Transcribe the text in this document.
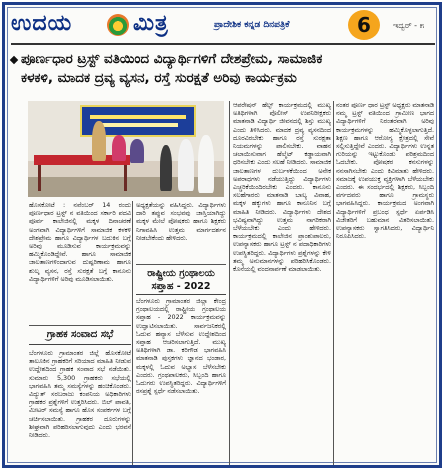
ಉದಯ	ಮಿತ್ರ	ಪ್ರಾದೇಶಿಕ ಕನ್ನಡ ದಿನಪತ್ರಿಕೆ	6	ಇದ್ವರ್ - ೫
ಪೂರ್ಣಧಾರ ಟ್ರಸ್ಟ್ ವತಿಯಿಂದ ವಿದ್ಯಾರ್ಥಿಗಳಿಗೆ ದೇಶಪ್ರೇಮ, ಸಾಮಾಜಿಕ
ಕಳಕಳಿ, ಮಾದಕ ದ್ರವ್ಯ ವ್ಯಸನ, ರಸ್ತೆ ಸುರಕ್ಷತೆ ಅರಿವು ಕಾರ್ಯಕ್ರಮ

ಹೊಸಕೋಟೆ : ನವೆಂಬರ್ 14 ರಂದು ಪೂರ್ಣಧಾರ ಟ್ರಸ್ಟ್ ನ ವತಿಯಿಂದ ಸರ್ಕಾರಿ ಪದವಿ ಪೂರ್ವ ಕಾಲೇಜಿನಲ್ಲಿ ಮಕ್ಕಳ ದಿನಾಚರಣೆ ಅಂಗವಾಗಿ ವಿದ್ಯಾರ್ಥಿಗಳಿಗೆ ಸಾಮಾಜಿಕ ಕಳಕಳಿ ದೇಶಪ್ರೇಮ ಹಾಗೂ ವಿದ್ಯಾರ್ಥಿಗಳ ಬದುಕಿನ ಬಗ್ಗೆ ಅರಿವು ಮೂಡಿಸುವ ಕಾರ್ಯಕ್ರಮವನ್ನು ಹಮ್ಮಿಕೊಂಡಿದ್ದೇವೆ. ಹಾಗೂ ಸಾಮಾಜಿಕ ಜಾಲತಾಣಗಳಿಂದಾಗುವ ದುಷ್ಪರಿಣಾಮ ಹಾಗೂ ಶುಲ್ಕ ವ್ಯಸನ, ರಸ್ತೆ ಸುರಕ್ಷತೆ ಬಗ್ಗೆ ಕಾನೂನು ವಿದ್ಯಾರ್ಥಿಗಳಿಗೆ ಅರಿವು ಮೂಡಿಸಲಾಯಿತು.

ಅಧ್ಯಕ್ಷತೆಯನ್ನು ವಹಿಸಿದ್ದರು. ವಿದ್ಯಾರ್ಥಿಗಳು ದಾರಿ ತಪ್ಪುವ ಸಂಭವವು ಜಾಸ್ತಿಯಾಗಿದ್ದು ಮಕ್ಕಳ ಮೇಲೆ ಪೋಷಕರು ಹಾಗೂ ಶಿಕ್ಷಕರು ನಿಗಾವಹಿಸಿ ಉತ್ತಮ ಮಾರ್ಗದರ್ಶನ ನೀಡಬೇಕೆಂದು ಹೇಳಿದರು.

ಆಪರೇಷನ್ ಹೆಲ್ಪ್ ಕಾರ್ಯಕ್ರಮದಲ್ಲಿ ಮುಖ್ಯ ಅತಿಥಿಗಳಾಗಿ ಪೊಲೀಸ್ ಉಪನಿರೀಕ್ಷಕರು ಮಾತನಾಡಿ ವಿದ್ಯಾರ್ಥಿ ಜೀವನದಲ್ಲಿ ಶಿಸ್ತು ಮುಖ್ಯ ಎಂದು ತಿಳಿಸಿದರು. ಮಾದಕ ದ್ರವ್ಯ ವ್ಯಸನದಿಂದ ದೂರವಿರಬೇಕು ಹಾಗೂ ರಸ್ತೆ ಸುರಕ್ಷತಾ ನಿಯಮಗಳನ್ನು ಪಾಲಿಸಬೇಕು. ವಾಹನ ಚಲಾಯಿಸುವಾಗ ಹೆಲ್ಮೆಟ್ ಕಡ್ಡಾಯವಾಗಿ ಧರಿಸಬೇಕು ಎಂದು ಸಲಹೆ ನೀಡಿದರು. ಸಾಮಾಜಿಕ ಜಾಲತಾಣಗಳ ದುರ್ಬಳಕೆಯಿಂದ ಅನೇಕ ಅಪರಾಧಗಳು ನಡೆಯುತ್ತಿದ್ದು ವಿದ್ಯಾರ್ಥಿಗಳು ಎಚ್ಚರಿಕೆಯಿಂದಿರಬೇಕು ಎಂದರು. ಕಾನೂನು ಸಲಹೆಗಾರರು ಮಾತನಾಡಿ ಬಾಲ್ಯ ವಿವಾಹ, ಮಕ್ಕಳ ಹಕ್ಕುಗಳು ಹಾಗೂ ಕಾನೂನಿನ ಬಗ್ಗೆ ಮಾಹಿತಿ ನೀಡಿದರು. ವಿದ್ಯಾರ್ಥಿಗಳು ದೇಶದ ಭವಿಷ್ಯವಾಗಿದ್ದು ಉತ್ತಮ ನಾಗರಿಕರಾಗಿ ಬೆಳೆಯಬೇಕು ಎಂದು ಹೇಳಿದರು. ಕಾರ್ಯಕ್ರಮದಲ್ಲಿ ಕಾಲೇಜಿನ ಪ್ರಾಂಶುಪಾಲರು, ಉಪನ್ಯಾಸಕರು ಹಾಗೂ ಟ್ರಸ್ಟ್ ನ ಪದಾಧಿಕಾರಿಗಳು ಉಪಸ್ಥಿತರಿದ್ದರು. ವಿದ್ಯಾರ್ಥಿಗಳು ಪ್ರಶ್ನೆಗಳನ್ನು ಕೇಳಿ ತಮ್ಮ ಅನುಮಾನಗಳನ್ನು ಪರಿಹರಿಸಿಕೊಂಡರು. ಕೊನೆಯಲ್ಲಿ ವಂದನಾರ್ಪಣೆ ಮಾಡಲಾಯಿತು.

ನಂತರ ಪೂರ್ಣ ಧಾರ ಟ್ರಸ್ಟ್ ಅಧ್ಯಕ್ಷರು ಮಾತನಾಡಿ ನಮ್ಮ ಟ್ರಸ್ಟ್ ವತಿಯಿಂದ ಗ್ರಾಮೀಣ ಭಾಗದ ವಿದ್ಯಾರ್ಥಿಗಳಿಗೆ ನಿರಂತರವಾಗಿ ಅರಿವು ಕಾರ್ಯಕ್ರಮಗಳನ್ನು ಹಮ್ಮಿಕೊಳ್ಳಲಾಗುತ್ತಿದೆ. ಶಿಕ್ಷಣ ಹಾಗೂ ಆರೋಗ್ಯ ಕ್ಷೇತ್ರದಲ್ಲಿ ಸೇವೆ ಸಲ್ಲಿಸುತ್ತಿದ್ದೇವೆ ಎಂದರು. ವಿದ್ಯಾರ್ಥಿಗಳು ಉನ್ನತ ಗುರಿಯನ್ನು ಇಟ್ಟುಕೊಂಡು ಪರಿಶ್ರಮದಿಂದ ಓದಬೇಕು. ಪೋಷಕರ ಕನಸುಗಳನ್ನು ನನಸಾಗಿಸಬೇಕು ಎಂದು ಕಿವಿಮಾತು ಹೇಳಿದರು. ಸಮಾಜಕ್ಕೆ ಉಪಯುಕ್ತ ವ್ಯಕ್ತಿಗಳಾಗಿ ಬೆಳೆಯಬೇಕು ಎಂದರು. ಈ ಸಂದರ್ಭದಲ್ಲಿ ಶಿಕ್ಷಕರು, ಸಿಬ್ಬಂದಿ ವರ್ಗದವರು ಹಾಗೂ ಗ್ರಾಮಸ್ಥರು ಭಾಗವಹಿಸಿದ್ದರು. ಕಾರ್ಯಕ್ರಮದ ಅಂಗವಾಗಿ ವಿದ್ಯಾರ್ಥಿಗಳಿಗೆ ಪ್ರಬಂಧ ಸ್ಪರ್ಧೆ ಏರ್ಪಡಿಸಿ ವಿಜೇತರಿಗೆ ಬಹುಮಾನ ವಿತರಿಸಲಾಯಿತು. ಉಪನ್ಯಾಸಕರು ಸ್ವಾಗತಿಸಿದರು, ವಿದ್ಯಾರ್ಥಿನಿ ನಿರೂಪಿಸಿದರು.

ಗ್ರಾಹಕ ಸಂವಾದ ಸಭೆ

ಬೆಂಗಳೂರು ಗ್ರಾಮಾಂತರ ಜಿಲ್ಲೆ ಹೊಸಕೋಟೆ ತಾಲೂಕಿನ ಗ್ರಾಹಕರಿಗೆ ಸರಿಯಾದ ಮಾಹಿತಿ ನೀಡುವ ಉದ್ದೇಶದಿಂದ ಗ್ರಾಹಕ ಸಂವಾದ ಸಭೆ ನಡೆಯಿತು. ಸುಮಾರು 5,300 ಗ್ರಾಹಕರು ಸಭೆಯಲ್ಲಿ ಭಾಗವಹಿಸಿ ತಮ್ಮ ಸಮಸ್ಯೆಗಳನ್ನು ಹಂಚಿಕೊಂಡರು. ವಿದ್ಯುತ್ ಸರಬರಾಜು ಕಂಪನಿಯ ಅಧಿಕಾರಿಗಳು ಗ್ರಾಹಕರ ಪ್ರಶ್ನೆಗಳಿಗೆ ಉತ್ತರಿಸಿದರು. ಬಿಲ್ ಪಾವತಿ, ಮೀಟರ್ ಸಮಸ್ಯೆ ಹಾಗೂ ಹೊಸ ಸಂಪರ್ಕಗಳ ಬಗ್ಗೆ ಚರ್ಚಿಸಲಾಯಿತು. ಗ್ರಾಹಕರ ದೂರುಗಳನ್ನು ಶೀಘ್ರವಾಗಿ ಪರಿಹರಿಸಲಾಗುವುದು ಎಂದು ಭರವಸೆ ನೀಡಿದರು.

ರಾಷ್ಟ್ರೀಯ ಗ್ರಂಥಾಲಯ
ಸಪ್ತಾಹ - 2022

ಬೆಂಗಳೂರು ಗ್ರಾಮಾಂತರ ಜಿಲ್ಲಾ ಕೇಂದ್ರ ಗ್ರಂಥಾಲಯದಲ್ಲಿ ರಾಷ್ಟ್ರೀಯ ಗ್ರಂಥಾಲಯ ಸಪ್ತಾಹ - 2022 ಕಾರ್ಯಕ್ರಮವನ್ನು ಉದ್ಘಾಟಿಸಲಾಯಿತು. ಸಾರ್ವಜನಿಕರಲ್ಲಿ ಓದುವ ಹವ್ಯಾಸ ಬೆಳೆಸುವ ಉದ್ದೇಶದಿಂದ ಸಪ್ತಾಹ ಆಚರಿಸಲಾಗುತ್ತಿದೆ. ಮುಖ್ಯ ಅತಿಥಿಗಳಾಗಿ ಡಾ. ಕರಿಗೌಡ ಭಾಗವಹಿಸಿ ಮಾತನಾಡಿ ಪುಸ್ತಕಗಳು ಜ್ಞಾನದ ಭಂಡಾರ, ಮಕ್ಕಳಲ್ಲಿ ಓದುವ ಅಭ್ಯಾಸ ಬೆಳೆಸಬೇಕು ಎಂದರು. ಗ್ರಂಥಪಾಲಕರು, ಸಿಬ್ಬಂದಿ ಹಾಗೂ ಓದುಗರು ಉಪಸ್ಥಿತರಿದ್ದರು. ವಿದ್ಯಾರ್ಥಿಗಳಿಗೆ ರಸಪ್ರಶ್ನೆ ಸ್ಪರ್ಧೆ ನಡೆಸಲಾಯಿತು.
